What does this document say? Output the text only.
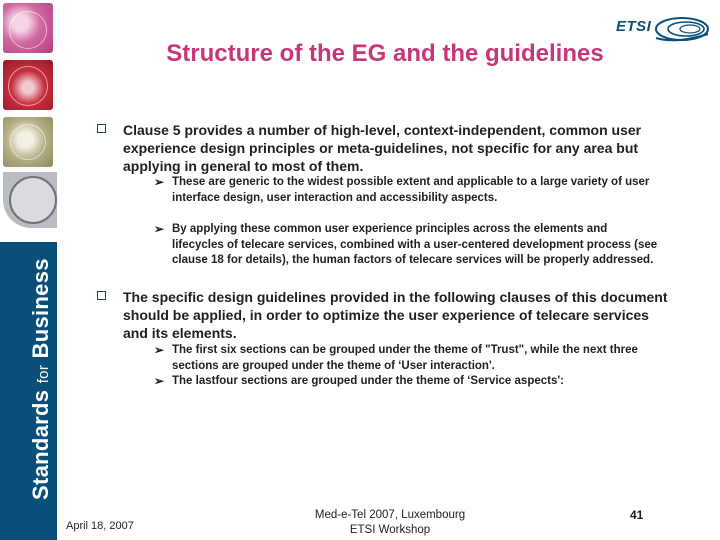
Standards for Business
ETSI
Structure of the EG and the guidelines
Clause 5 provides a number of high-level, context-independent, common user experience design principles or meta-guidelines, not specific for any area but applying in general to most of them.
➢ These are generic to the widest possible extent and applicable to a large variety of user interface design, user interaction and accessibility aspects.
➢ By applying these common user experience principles across the elements and lifecycles of telecare services, combined with a user-centered development process (see clause 18 for details), the human factors of telecare services will be properly addressed.
The specific design guidelines provided in the following clauses of this document should be applied, in order to optimize the user experience of telecare services and its elements.
➢ The first six sections can be grouped under the theme of "Trust", while the next three sections are grouped under the theme of ‘User interaction'.
➢ The lastfour sections are grouped under the theme of ‘Service aspects':
April 18, 2007
Med-e-Tel 2007, Luxembourg
ETSI Workshop
41
